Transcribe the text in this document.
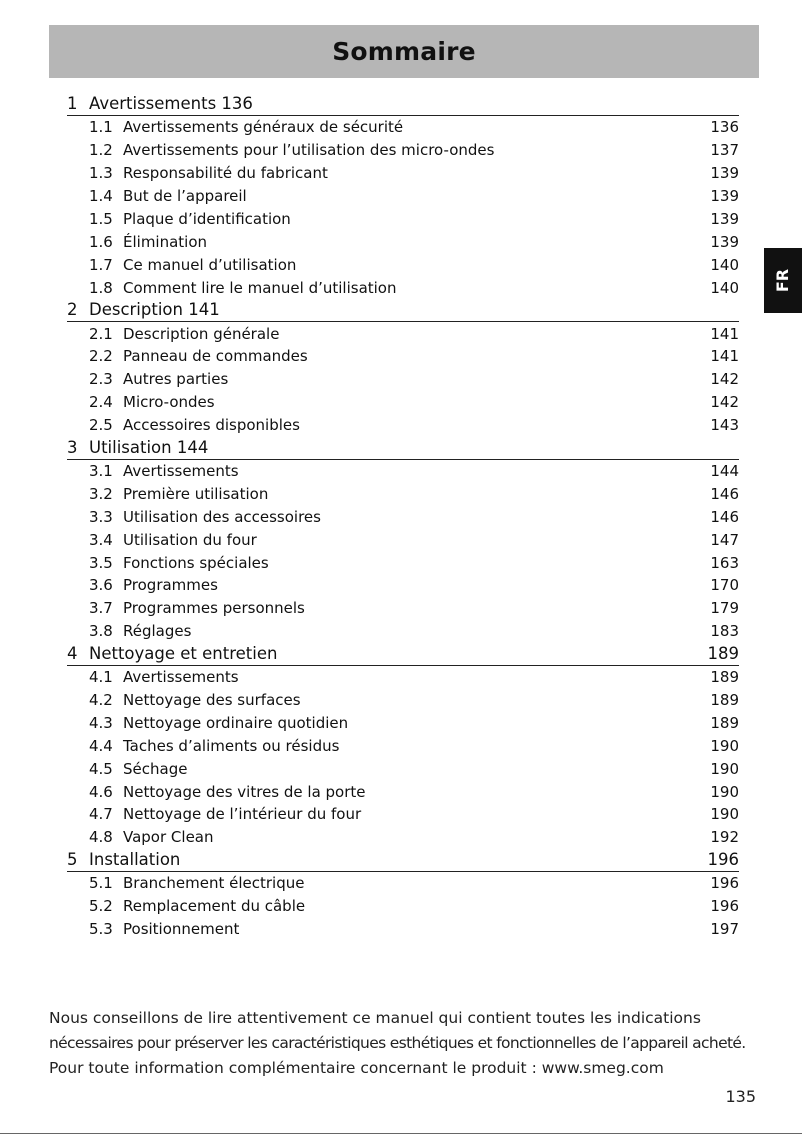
Sommaire
FR
1 Avertissements 136
1.1 Avertissements généraux de sécurité	136
1.2 Avertissements pour l’utilisation des micro-ondes	137
1.3 Responsabilité du fabricant	139
1.4 But de l’appareil	139
1.5 Plaque d’identification	139
1.6 Élimination	139
1.7 Ce manuel d’utilisation	140
1.8 Comment lire le manuel d’utilisation	140
2 Description 141
2.1 Description générale	141
2.2 Panneau de commandes	141
2.3 Autres parties	142
2.4 Micro-ondes	142
2.5 Accessoires disponibles	143
3 Utilisation 144
3.1 Avertissements	144
3.2 Première utilisation	146
3.3 Utilisation des accessoires	146
3.4 Utilisation du four	147
3.5 Fonctions spéciales	163
3.6 Programmes	170
3.7 Programmes personnels	179
3.8 Réglages	183
4 Nettoyage et entretien	189
4.1 Avertissements	189
4.2 Nettoyage des surfaces	189
4.3 Nettoyage ordinaire quotidien	189
4.4 Taches d’aliments ou résidus	190
4.5 Séchage	190
4.6 Nettoyage des vitres de la porte	190
4.7 Nettoyage de l’intérieur du four	190
4.8 Vapor Clean	192
5 Installation	196
5.1 Branchement électrique	196
5.2 Remplacement du câble	196
5.3 Positionnement	197

Nous conseillons de lire attentivement ce manuel qui contient toutes les indications

nécessaires pour préserver les caractéristiques esthétiques et fonctionnelles de l’appareil acheté.

Pour toute information complémentaire concernant le produit : www.smeg.com

135
